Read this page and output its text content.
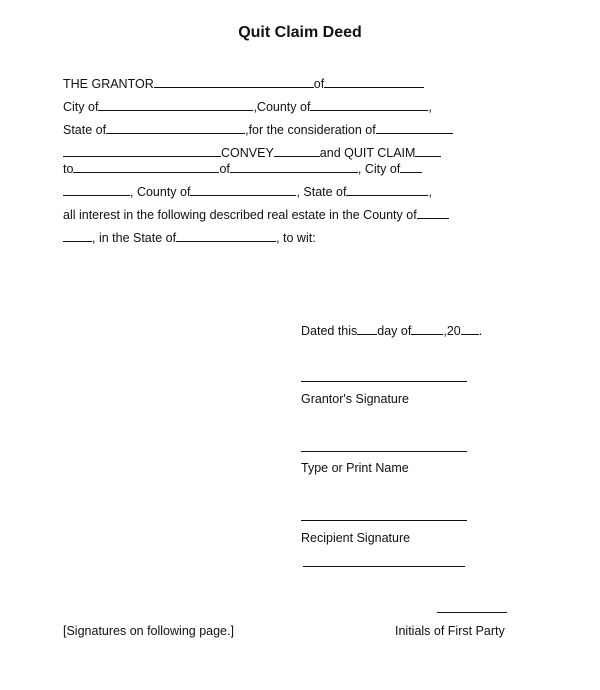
Quit Claim Deed
THE GRANTOR	of
City of	,County of	,
State of	,for the consideration of
CONVEY	and QUIT CLAIM
to	of	, City of
, County of	, State of	,
all interest in the following described real estate in the County of
, in the State of	, to wit:
Dated this day of	,20 .
Grantor's Signature
Type or Print Name
Recipient Signature
Initials of First Party
[Signatures on following page.]
